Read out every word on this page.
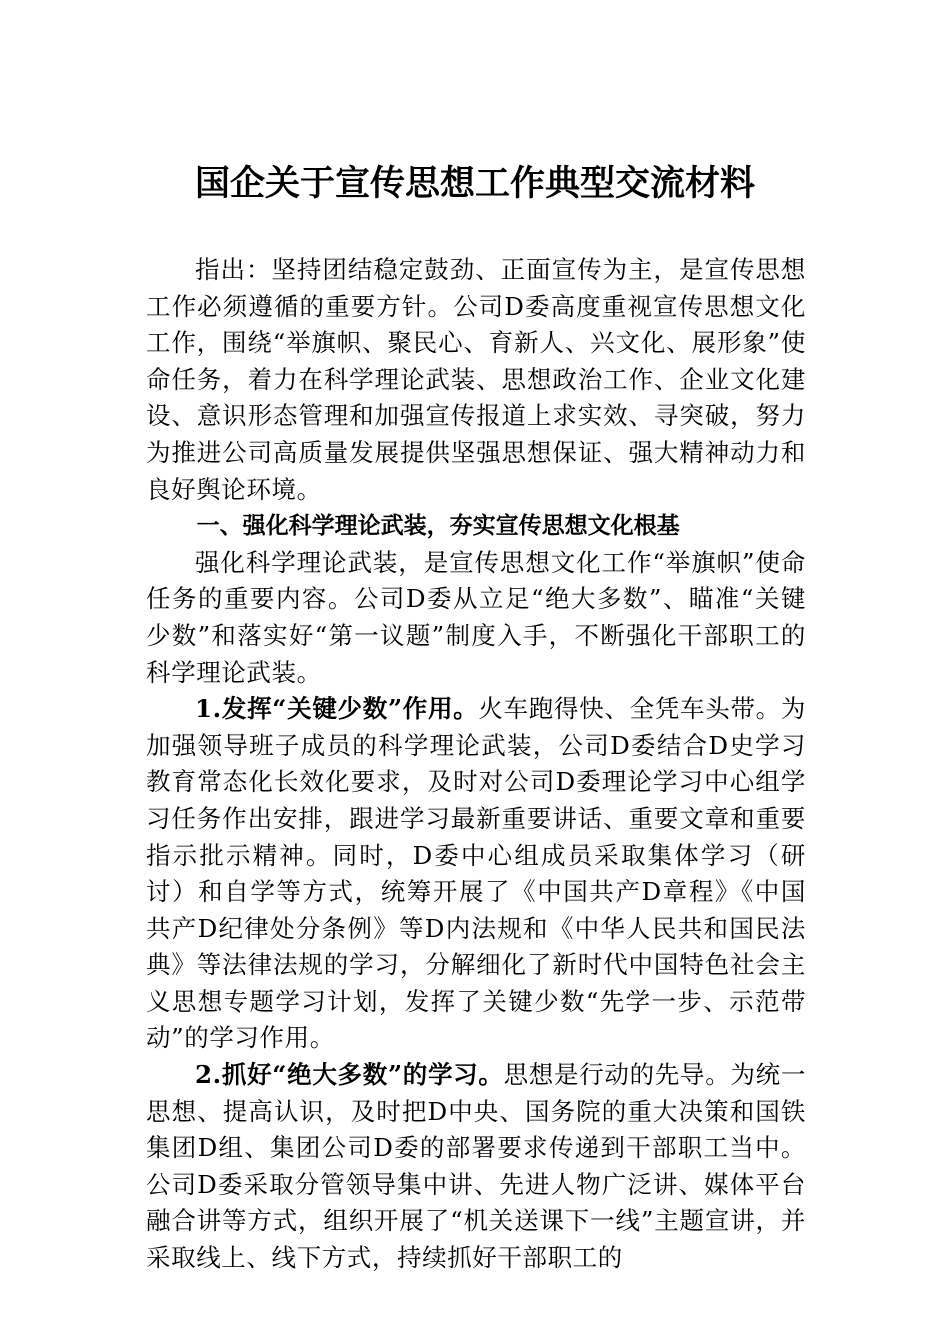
国企关于宣传思想工作典型交流材料

指出：坚持团结稳定鼓劲、正面宣传为主，是宣传思想工作必须遵循的重要方针。公司D委高度重视宣传思想文化工作，围绕“举旗帜、聚民心、育新人、兴文化、展形象”使命任务，着力在科学理论武装、思想政治工作、企业文化建设、意识形态管理和加强宣传报道上求实效、寻突破，努力为推进公司高质量发展提供坚强思想保证、强大精神动力和良好舆论环境。

一、强化科学理论武装，夯实宣传思想文化根基

强化科学理论武装，是宣传思想文化工作“举旗帜”使命任务的重要内容。公司D委从立足“绝大多数”、瞄准“关键少数”和落实好“第一议题”制度入手，不断强化干部职工的科学理论武装。

1.发挥“关键少数”作用。火车跑得快、全凭车头带。为加强领导班子成员的科学理论武装，公司D委结合D史学习教育常态化长效化要求，及时对公司D委理论学习中心组学习任务作出安排，跟进学习最新重要讲话、重要文章和重要指示批示精神。同时，D委中心组成员采取集体学习（研讨）和自学等方式，统筹开展了《中国共产D章程》《中国共产D纪律处分条例》等D内法规和《中华人民共和国民法典》等法律法规的学习，分解细化了新时代中国特色社会主义思想专题学习计划，发挥了关键少数“先学一步、示范带动”的学习作用。

2.抓好“绝大多数”的学习。思想是行动的先导。为统一思想、提高认识，及时把D中央、国务院的重大决策和国铁集团D组、集团公司D委的部署要求传递到干部职工当中。公司D委采取分管领导集中讲、先进人物广泛讲、媒体平台融合讲等方式，组织开展了“机关送课下一线”主题宣讲，并采取线上、线下方式，持续抓好干部职工的
